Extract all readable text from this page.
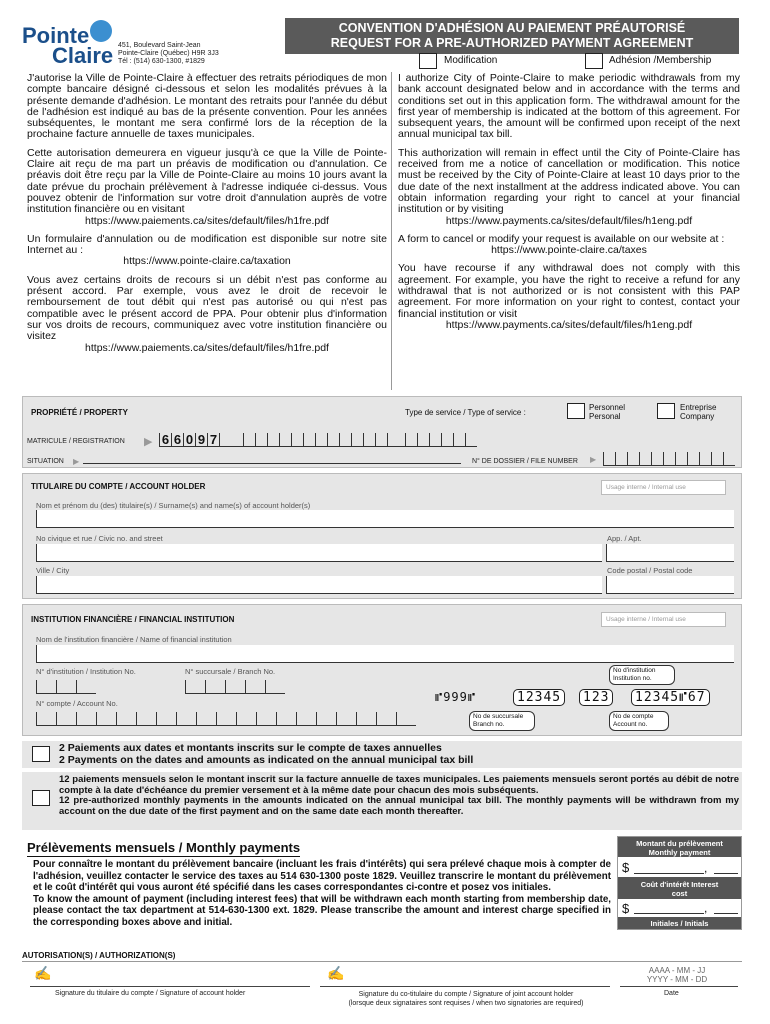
Pointe
Claire 451, Boulevard Saint-Jean
Pointe-Claire (Québec) H9R 3J3
Tél : (514) 630-1300, #1829
CONVENTION D'ADHÉSION AU PAIEMENT PRÉAUTORISÉ
REQUEST FOR A PRE-AUTHORIZED PAYMENT AGREEMENT
Modification	Adhésion /Membership

J'autorise la Ville de Pointe-Claire à effectuer des retraits périodiques de mon compte bancaire désigné ci-dessous et selon les modalités prévues à la présente demande d'adhésion. Le montant des retraits pour l'année du début de l'adhésion est indiqué au bas de la présente convention. Pour les années subséquentes, le montant me sera confirmé lors de la réception de la prochaine facture annuelle de taxes municipales.

Cette autorisation demeurera en vigueur jusqu'à ce que la Ville de Pointe-Claire ait reçu de ma part un préavis de modification ou d'annulation. Ce préavis doit être reçu par la Ville de Pointe-Claire au moins 10 jours avant la date prévue du prochain prélèvement à l'adresse indiquée ci-dessus. Vous pouvez obtenir de l'information sur votre droit d'annulation auprès de votre institution financière ou en visitant

https://www.paiements.ca/sites/default/files/h1fre.pdf

Un formulaire d'annulation ou de modification est disponible sur notre site Internet au :

https://www.pointe-claire.ca/taxation

Vous avez certains droits de recours si un débit n'est pas conforme au présent accord. Par exemple, vous avez le droit de recevoir le remboursement de tout débit qui n'est pas autorisé ou qui n'est pas compatible avec le présent accord de PPA. Pour obtenir plus d'information sur vos droits de recours, communiquez avec votre institution financière ou visitez

https://www.paiements.ca/sites/default/files/h1fre.pdf

I authorize City of Pointe-Claire to make periodic withdrawals from my bank account designated below and in accordance with the terms and conditions set out in this application form. The withdrawal amount for the first year of membership is indicated at the bottom of this agreement. For subsequent years, the amount will be confirmed upon receipt of the next annual municipal tax bill.

This authorization will remain in effect until the City of Pointe-Claire has received from me a notice of cancellation or modification. This notice must be received by the City of Pointe-Claire at least 10 days prior to the due date of the next installment at the address indicated above. You can obtain information regarding your right to cancel at your financial institution or by visiting

https://www.payments.ca/sites/default/files/h1eng.pdf

A form to cancel or modify your request is available on our website at :

https://www.pointe-claire.ca/taxes

You have recourse if any withdrawal does not comply with this agreement. For example, you have the right to receive a refund for any withdrawal that is not authorized or is not consistent with this PAP agreement. For more information on your right to contest, contact your financial institution or visit

https://www.payments.ca/sites/default/files/h1eng.pdf
PROPRIÉTÉ / PROPERTY	Type de service / Type of service :
Personnel
Personal
Entreprise
Company
MATRICULE / REGISTRATION ▶ 6 6 0 9 7
SITUATION ▶	N° DE DOSSIER / FILE NUMBER ▶
TITULAIRE DU COMPTE / ACCOUNT HOLDER	Usage interne / Internal use
Nom et prénom du (des) titulaire(s) / Surname(s) and name(s) of account holder(s)
No civique et rue / Civic no. and street	App. / Apt.
Ville / City	Code postal / Postal code
INSTITUTION FINANCIÈRE / FINANCIAL INSTITUTION	Usage interne / Internal use
Nom de l'institution financière / Name of financial institution
N° d'institution / Institution No.	N° succursale / Branch No.
N° compte / Account No.
No d'institution
Institution no.
⑈999⑈	12345	123	12345⑈67
No de succursale
Branch no.
No de compte
Account no.
2 Paiements aux dates et montants inscrits sur le compte de taxes annuelles
2 Payments on the dates and amounts as indicated on the annual municipal tax bill
12 paiements mensuels selon le montant inscrit sur la facture annuelle de taxes municipales. Les paiements mensuels seront portés au débit de notre compte à la date d'échéance du premier versement et à la même date pour chacun des mois subséquents.
12 pre-authorized monthly payments in the amounts indicated on the annual municipal tax bill. The monthly payments will be withdrawn from my account on the due date of the first payment and on the same date each month thereafter.
Prélèvements mensuels / Monthly payments
Pour connaître le montant du prélèvement bancaire (incluant les frais d'intérêts) qui sera prélevé chaque mois à compter de l'adhésion, veuillez contacter le service des taxes au 514 630-1300 poste 1829. Veuillez transcrire le montant du prélèvement et le coût d'intérêt qui vous auront été spécifié dans les cases correspondantes ci-contre et posez vos initiales.
To know the amount of payment (including interest fees) that will be withdrawn each month starting from membership date, please contact the tax department at 514-630-1300 ext. 1829. Please transcribe the amount and interest charge specified in the corresponding boxes above and initial.
Montant du prélèvement Monthly payment
$	,
Coût d'intérêt Interest cost
$	,
Initiales / Initials
AUTORISATION(S) / AUTHORIZATION(S)
✍
Signature du titulaire du compte / Signature of account holder
✍
Signature du co-titulaire du compte / Signature of joint account holder
(lorsque deux signataires sont requises / when two signatories are required)
AAAA - MM - JJ
YYYY - MM - DD
Date
